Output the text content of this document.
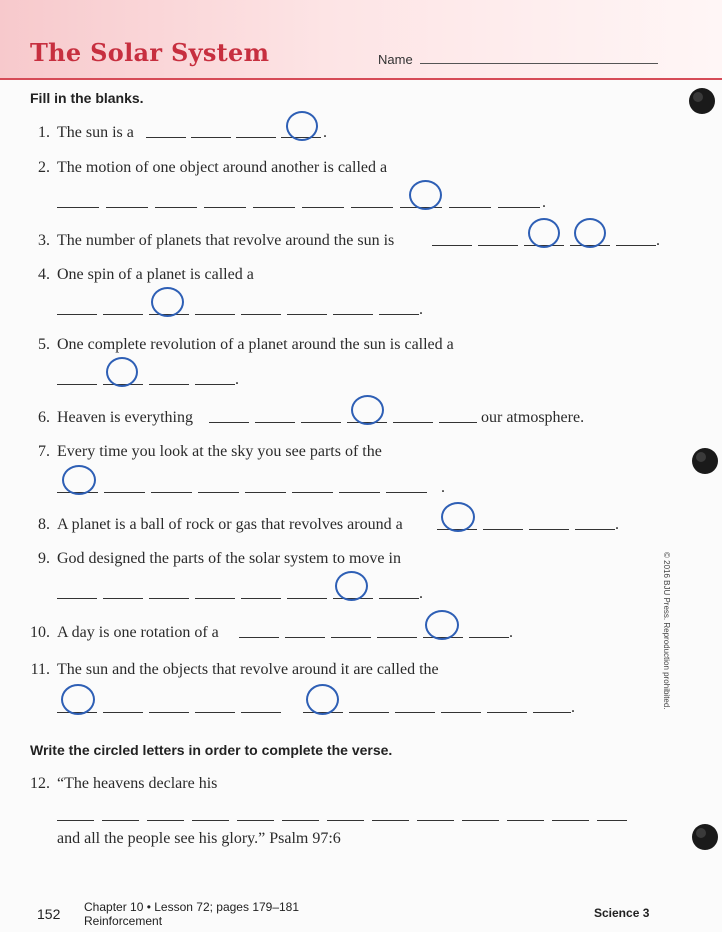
The Solar System	Name
Fill in the blanks.
1. The sun is a	.
2. The motion of one object around another is called a
.
3. The number of planets that revolve around the sun is	.
4. One spin of a planet is called a
.
5. One complete revolution of a planet around the sun is called a
.
6. Heaven is everything	our atmosphere.
7. Every time you look at the sky you see parts of the
.
8. A planet is a ball of rock or gas that revolves around a	.
9. God designed the parts of the solar system to move in
.
10. A day is one rotation of a	.
11. The sun and the objects that revolve around it are called the
.
Write the circled letters in order to complete the verse.
12. “The heavens declare his
and all the people see his glory.” Psalm 97:6
© 2016 BJU Press. Reproduction prohibited.
152 Chapter 10 • Lesson 72; pages 179–181
Reinforcement
Science 3
